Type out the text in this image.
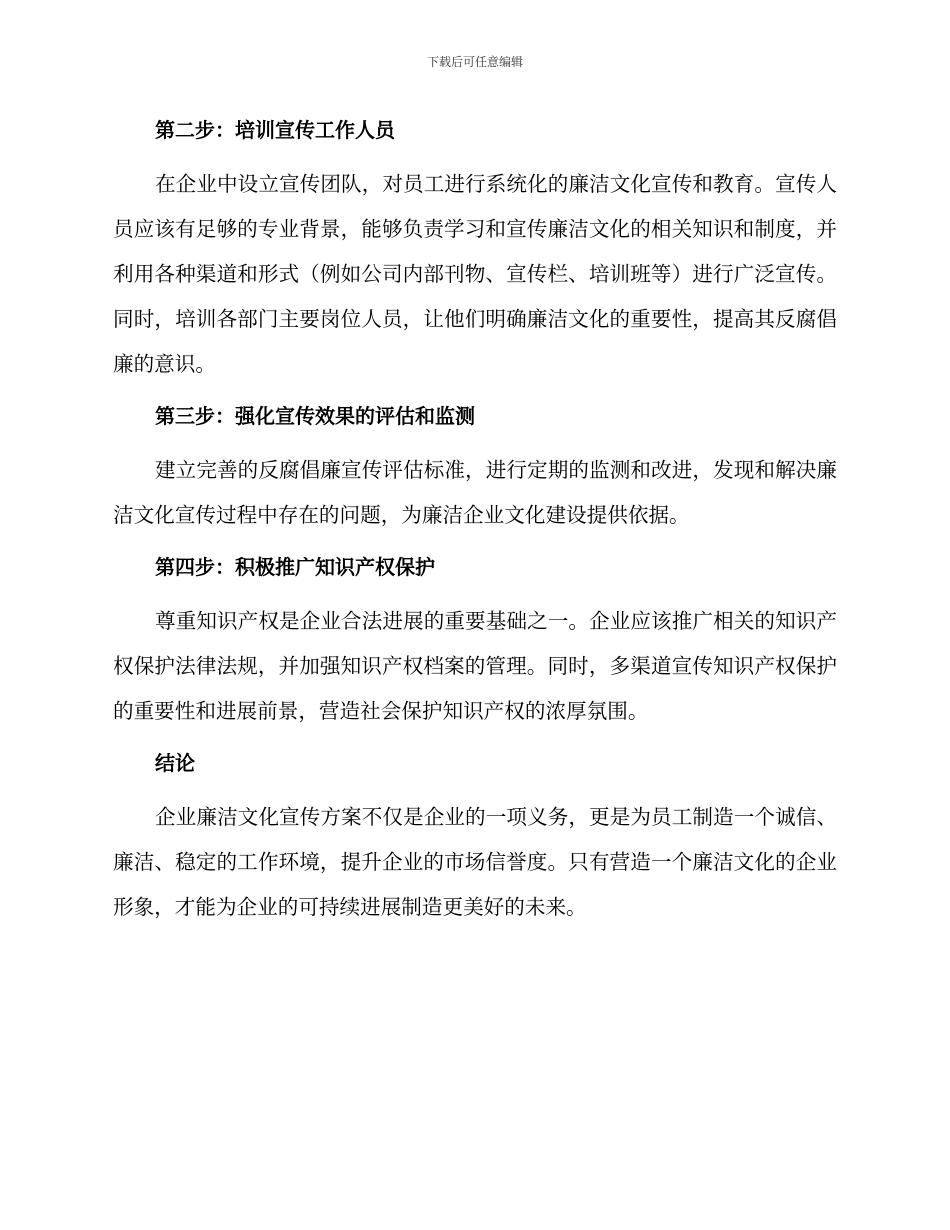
下载后可任意编辑
第二步：培训宣传工作人员

在企业中设立宣传团队，对员工进行系统化的廉洁文化宣传和教育。宣传人员应该有足够的专业背景，能够负责学习和宣传廉洁文化的相关知识和制度，并利用各种渠道和形式（例如公司内部刊物、宣传栏、培训班等）进行广泛宣传。同时，培训各部门主要岗位人员，让他们明确廉洁文化的重要性，提高其反腐倡廉的意识。

第三步：强化宣传效果的评估和监测

建立完善的反腐倡廉宣传评估标准，进行定期的监测和改进，发现和解决廉洁文化宣传过程中存在的问题，为廉洁企业文化建设提供依据。

第四步：积极推广知识产权保护

尊重知识产权是企业合法进展的重要基础之一。企业应该推广相关的知识产权保护法律法规，并加强知识产权档案的管理。同时，多渠道宣传知识产权保护的重要性和进展前景，营造社会保护知识产权的浓厚氛围。

结论

企业廉洁文化宣传方案不仅是企业的一项义务，更是为员工制造一个诚信、廉洁、稳定的工作环境，提升企业的市场信誉度。只有营造一个廉洁文化的企业形象，才能为企业的可持续进展制造更美好的未来。
